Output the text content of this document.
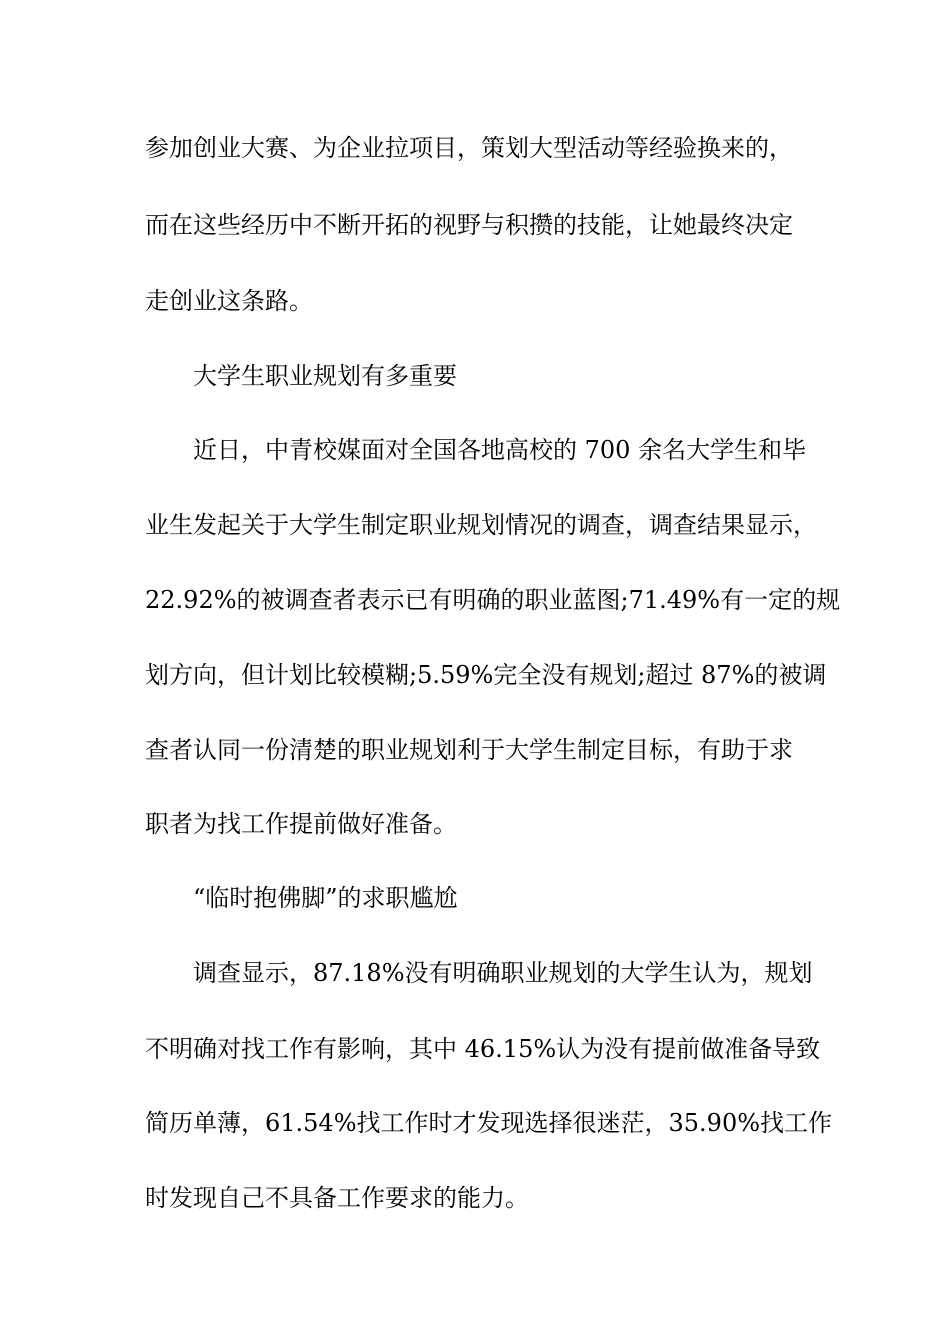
参加创业大赛、为企业拉项目，策划大型活动等经验换来的，
而在这些经历中不断开拓的视野与积攒的技能，让她最终决定
走创业这条路。
大学生职业规划有多重要
近日，中青校媒面对全国各地高校的 700 余名大学生和毕
业生发起关于大学生制定职业规划情况的调查，调查结果显示，
22.92%的被调查者表示已有明确的职业蓝图;71.49%有一定的规
划方向，但计划比较模糊;5.59%完全没有规划;超过 87%的被调
查者认同一份清楚的职业规划利于大学生制定目标，有助于求
职者为找工作提前做好准备。
“临时抱佛脚”的求职尴尬
调查显示，87.18%没有明确职业规划的大学生认为，规划
不明确对找工作有影响，其中 46.15%认为没有提前做准备导致
简历单薄，61.54%找工作时才发现选择很迷茫，35.90%找工作
时发现自己不具备工作要求的能力。
